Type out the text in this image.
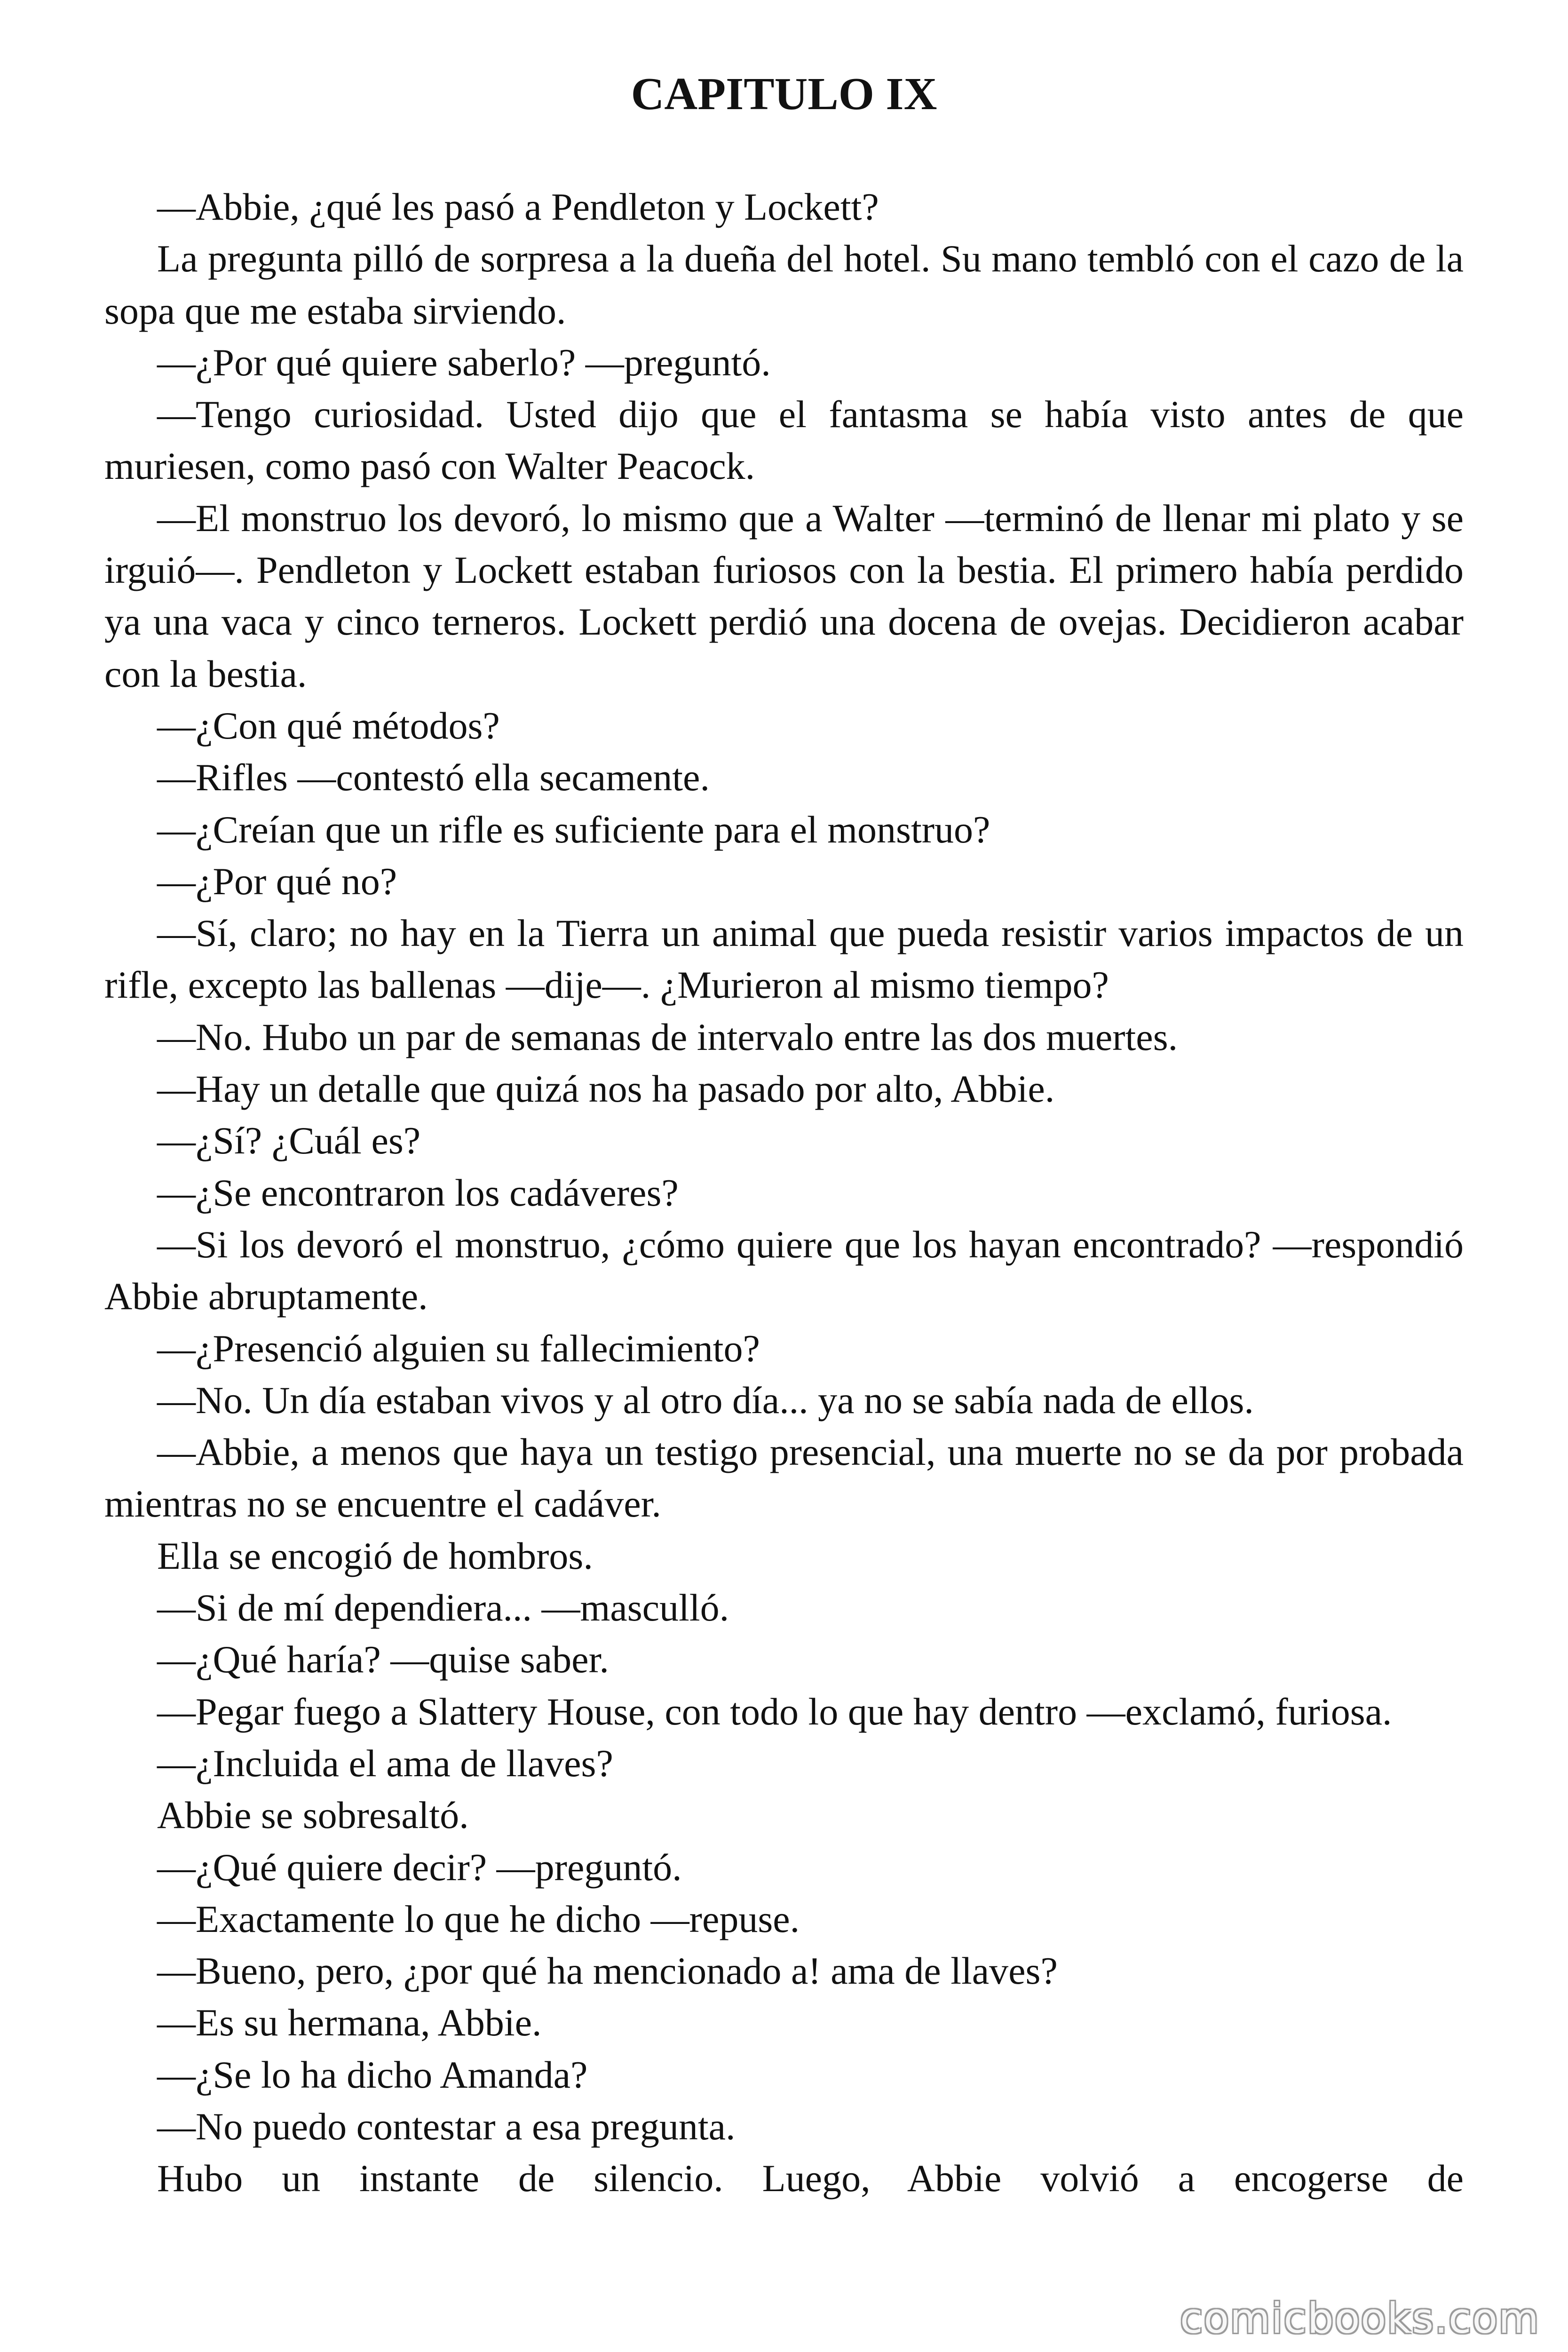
CAPITULO IX

—Abbie, ¿qué les pasó a Pendleton y Lockett?

La pregunta pilló de sorpresa a la dueña del hotel. Su mano tembló con el cazo de la sopa que me estaba sirviendo.

—¿Por qué quiere saberlo? —preguntó.

—Tengo curiosidad. Usted dijo que el fantasma se había visto antes de que muriesen, como pasó con Walter Peacock.

—El monstruo los devoró, lo mismo que a Walter —terminó de llenar mi plato y se irguió—. Pendleton y Lockett estaban furiosos con la bestia. El primero había perdido ya una vaca y cinco terneros. Lockett perdió una docena de ovejas. Decidieron acabar con la bestia.

—¿Con qué métodos?

—Rifles —contestó ella secamente.

—¿Creían que un rifle es suficiente para el monstruo?

—¿Por qué no?

—Sí, claro; no hay en la Tierra un animal que pueda resistir varios impactos de un rifle, excepto las ballenas —dije—. ¿Murieron al mismo tiempo?

—No. Hubo un par de semanas de intervalo entre las dos muertes.

—Hay un detalle que quizá nos ha pasado por alto, Abbie.

—¿Sí? ¿Cuál es?

—¿Se encontraron los cadáveres?

—Si los devoró el monstruo, ¿cómo quiere que los hayan encontrado? —respondió Abbie abruptamente.

—¿Presenció alguien su fallecimiento?

—No. Un día estaban vivos y al otro día... ya no se sabía nada de ellos.

—Abbie, a menos que haya un testigo presencial, una muerte no se da por probada mientras no se encuentre el cadáver.

Ella se encogió de hombros.

—Si de mí dependiera... —masculló.

—¿Qué haría? —quise saber.

—Pegar fuego a Slattery House, con todo lo que hay dentro —exclamó, furiosa.

—¿Incluida el ama de llaves?

Abbie se sobresaltó.

—¿Qué quiere decir? —preguntó.

—Exactamente lo que he dicho —repuse.

—Bueno, pero, ¿por qué ha mencionado a! ama de llaves?

—Es su hermana, Abbie.

—¿Se lo ha dicho Amanda?

—No puedo contestar a esa pregunta.

Hubo un instante de silencio. Luego, Abbie volvió a encogerse de

comicbooks.com
